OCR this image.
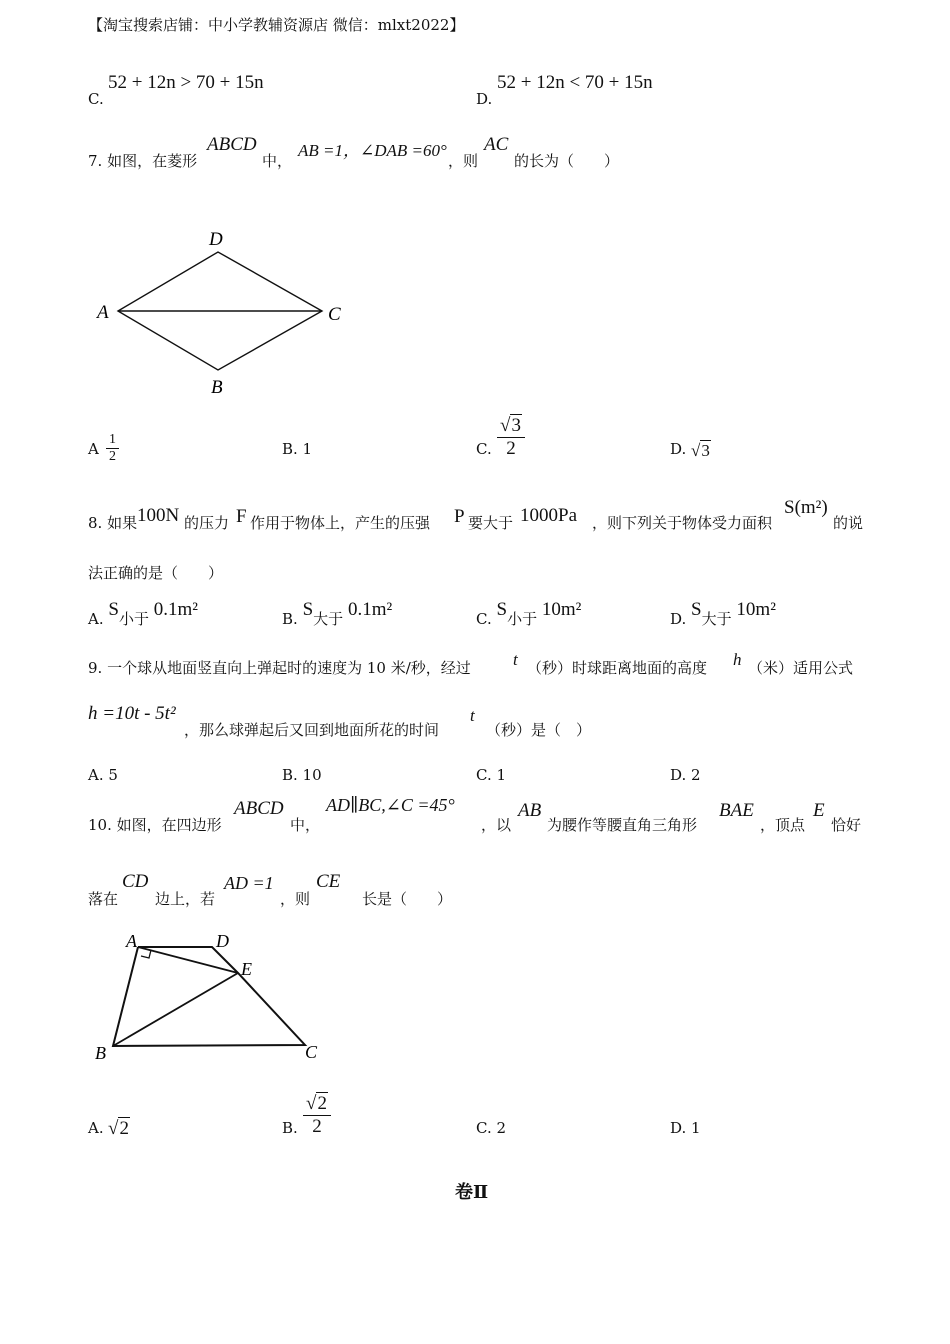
【淘宝搜索店铺：中小学教辅资源店 微信：mlxt2022】
C.
52 + 12n > 70 + 15n
D.
52 + 12n < 70 + 15n
7. 如图，在菱形
ABCD
中，
AB =1，∠DAB =60°
，则
AC
的长为（　　）
D
A	C
B
A $\frac{1}{2}$	B. 1	C. $\frac{√3}{2}$	D. √3
8. 如果 100N 的压力 F 作用于物体上，产生的压强 P 要大于 1000Pa ，则下列关于物体受力面积
S(m²)
的说
法正确的是（　　）
A. S小于 0.1m²	B. S大于 0.1m²	C. S小于 10m²	D. S大于 10m²
9. 一个球从地面竖直向上弹起时的速度为 10 米/秒，经过 t （秒）时球距离地面的高度 h （米）适用公式
h =10t - 5t²
，那么球弹起后又回到地面所花的时间
t
（秒）是（　）
A. 5	B. 10	C. 1	D. 2
10. 如图，在四边形
ABCD
中，
AD∥BC,∠C =45°
，以
AB
为腰作等腰直角三角形
BAE
，顶点
E
恰好
落在
CD
边上，若
AD =1
，则
CE
长是（　　）
A	D
E
B	C
A. √2	B. $\frac{√2}{2}$	C. 2	D. 1
卷Ⅱ
